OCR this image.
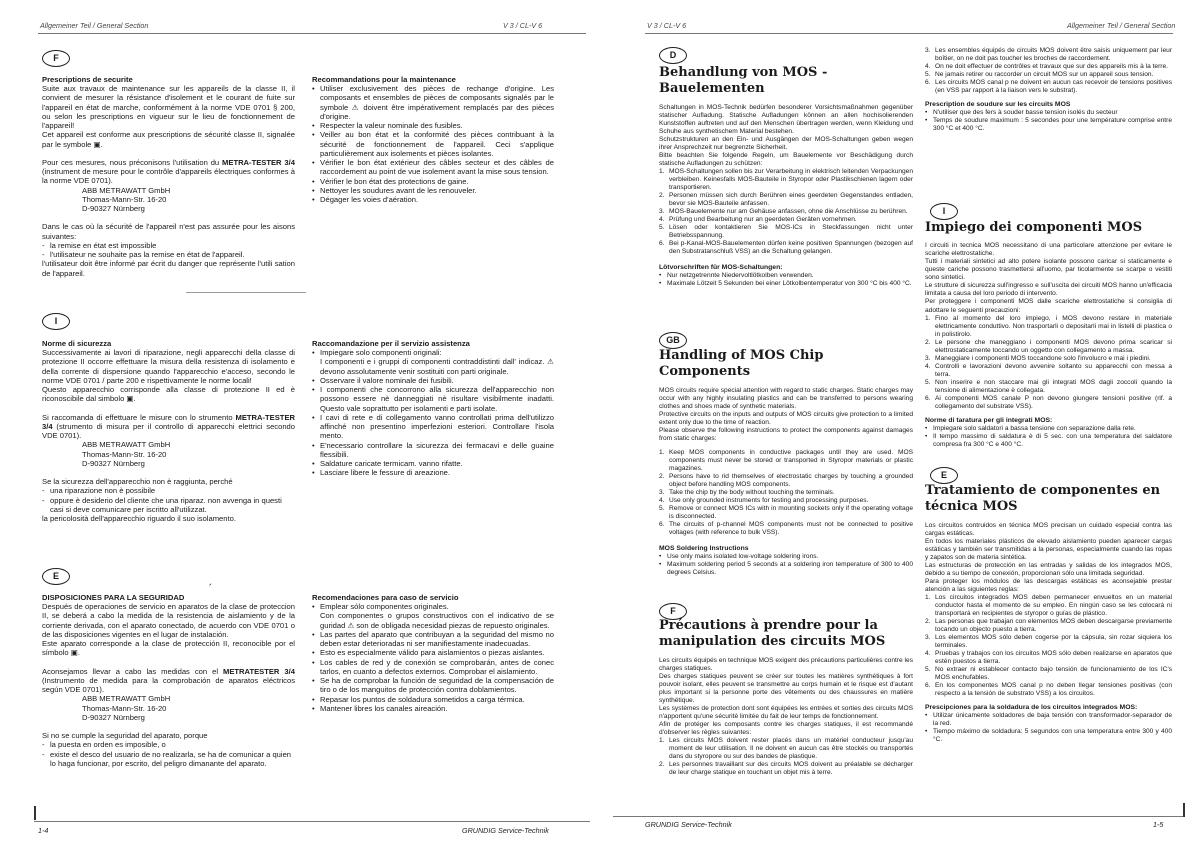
Allgemeiner Teil / General Section	V 3 / CL-V 6
F
Prescriptions de securite
Suite aux travaux de maintenance sur les appareils de la classe II, il convient de mesurer la résistance d'isolement et le courant de fuite sur l'appareil en état de marche, conformément à la norme VDE 0701 § 200, ou selon les prescriptions en vigueur sur le lieu de fonctionnement de l'appareil!
Cet appareil est conforme aux prescriptions de sécurité classe II, signalée par le symbole ▣.
Pour ces mesures, nous préconisons l'utilisation du METRA-TESTER 3/4 (instrument de mesure pour le contrôle d'appareils électriques conformes à la norme VDE 0701).
ABB METRAWATT GmbH
Thomas-Mann-Str. 16-20
D-90327 Nürnberg
Dans le cas où la sécurité de l'appareil n'est pas assurée pour les aisons suivantes:
- la remise en état est impossible
- l'utilisateur ne souhaite pas la remise en état de l'appareil.
l'utilisateur doit être informé par écrit du danger que représente l'utili sation de l'appareil.
Recommandations pour la maintenance
• Utiliser exclusivement des pièces de rechange d'origine. Les composants et ensembles de pièces de composants signalés par le symbole ⚠ doivent être impérativement remplacés par des pièces d'origine.
• Respecter la valeur nominale des fusibles.
• Veiller au bon état et la conformité des pièces contribuant à la sécurité de fonctionnement de l'appareil. Ceci s'applique particulièrement aux isolements et pièces isolantes.
• Vérifier le bon état extérieur des câbles secteur et des câbles de raccordement au point de vue isolement avant la mise sous tension.
• Vérifier le bon état des protections de gaine.
• Nettoyer les soudures avant de les renouveler.
• Dégager les voies d'aération.
I
Norme di sicurezza
Successivamente ai lavori di riparazione, negli apparecchi della classe di protezione II occorre effettuare la misura della resistenza di isolamento e della corrente di dispersione quando l'apparecchio e'acceso, secondo le norme VDE 0701 / parte 200 e rispettivamente le norme locali!
Questo apparecchio corrisponde alla classe di protezione II ed è riconoscibile dal simbolo ▣.
Si raccomanda di effettuare le misure con lo strumento METRA-TESTER 3/4 (strumento di misura per il controllo di apparecchi elettrici secondo VDE 0701).
ABB METRAWATT GmbH
Thomas-Mann-Str. 16-20
D-90327 Nürnberg
Se la sicurezza dell'apparecchio non è raggiunta, perché
- una riparazione non è possibile
- oppure è desiderio del cliente che una riparaz. non avvenga in questi casi si deve comunicare per iscritto all'utilizzat.
la pericolosità dell'apparecchio riguardo il suo isolamento.
Raccomandazione per il servizio assistenza
• Impiegare solo componenti originali:
I componenti e i gruppi di componenti contraddistinti dall' indicaz. ⚠ devono assolutamente venir sostituiti con parti originale.
• Osservare il valore nominale dei fusibili.
• I componenti che concorrono alla sicurezza dell'apparecchio non possono essere nè danneggiati nè risultare visibilmente inadatti. Questo vale soprattutto per isolamenti e parti isolate.
• I cavi di rete e di collegamento vanno controllati prima dell'utilizzo affinché non presentino imperfezioni esteriori. Controllare l'isola mento.
• E'necessario controllare la sicurezza dei fermacavi e delle guaine flessibili.
• Saldature caricate termicam. vanno rifatte.
• Lasciare libere le fessure di areazione.
E	ˏ
DISPOSICIONES PARA LA SEGURIDAD
Después de operaciones de servicio en aparatos de la clase de proteccion II, se deberá a cabo la medida de la resistencia de aislamiento y de la corriente derivada, con el aparato conectado, de acuerdo con VDE 0701 o de las disposiciones vigentes en el lugar de instalación.
Este aparato corresponde a la clase de protección II, reconocible por el símbolo ▣.
Aconsejamos llevar a cabo las medidas con el METRATESTER 3/4 (Instrumento de medida para la comprobación de aparatos eléctricos según VDE 0701).
ABB METRAWATT GmbH
Thomas-Mann-Str. 16-20
D-90327 Nürnberg
Si no se cumple la seguridad del aparato, porque
- la puesta en orden es imposible, o
- existe el desco del usuario de no realizarla, se ha de comunicar a quien lo haga funcionar, por escrito, del peligro dimanante del aparato.
Recomendaciones para caso de servicio
• Emplear sólo componentes originales.
Con componentes o grupos constructivos con el indicativo de se guridad ⚠ son de obligada necesidad piezas de repuesto originales.
• Las partes del aparato que contribuyan a la seguridad del mismo no deben estar deterioradas ni ser manifiestamente inadecuadas.
• Esto es especialmente válido para aislamientos o piezas aislantes.
• Los cables de red y de conexión se comprobarán, antes de conec tarlos, en cuanto a defectos externos. Comprobar el aislamiento.
• Se ha de comprobar la función de seguridad de la compensación de tiro o de los manguitos de protección contra doblamientos.
• Repasar los puntos de soldadura sometidos a carga térmica.
• Mantener libres los canales aireación.
1-4	GRUNDIG Service-Technik
V 3 / CL-V 6	Allgemeiner Teil / General Section
D
Behandlung von MOS - Bauelementen
Schaltungen in MOS-Technik bedürfen besonderer Vorsichtsmaßnahmen gegenüber statischer Aufladung. Statische Aufladungen können an allen hochisolierenden Kunststoffen auftreten und auf den Menschen übertragen werden, wenn Kleidung und Schuhe aus synthetischem Material bestehen.
Schutzstrukturen an den Ein- und Ausgängen der MOS-Schaltungen geben wegen ihrer Ansprechzeit nur begrenzte Sicherheit.
Bitte beachten Sie folgende Regeln, um Bauelemente vor Beschädigung durch statische Aufladungen zu schützen:
1. MOS-Schaltungen sollen bis zur Verarbeitung in elektrisch leitenden Verpackungen verbleiben. Keinesfalls MOS-Bauteile in Styropor oder Plastikschienen lagern oder transportieren.
2. Personen müssen sich durch Berühren eines geerdeten Gegenstandes entladen, bevor sie MOS-Bauteile anfassen.
3. MOS-Bauelemente nur am Gehäuse anfassen, ohne die Anschlüsse zu berühren.
4. Prüfung und Bearbeitung nur an geerdeten Geräten vornehmen.
5. Lösen oder kontaktieren Sie MOS-ICs in Steckfassungen nicht unter Betriebsspannung.
6. Bei p-Kanal-MOS-Bauelementen dürfen keine positiven Spannungen (bezogen auf den Substratanschluß VSS) an die Schaltung gelangen.
Lötvorschriften für MOS-Schaltungen:
• Nur netzgetrennte Niedervoltlötkolben verwenden.
• Maximale Lötzeit 5 Sekunden bei einer Lötkolbentemperatur von 300 °C bis 400 °C.
GB
Handling of MOS Chip Components
MOS circuits require special attention with regard to static charges. Static charges may occur with any highly insulating plastics and can be transferred to persons wearing clothes and shoes made of synthetic materials.
Protective circuits on the inputs and outputs of MOS circuits give protection to a limited extent only due to the time of reaction.
Please observe the following instructions to protect the components against damages from static charges:
1. Keep MOS components in conductive packages until they are used. MOS components must never be stored or transported in Styropor materials or plastic magazines.
2. Persons have to rid themselves of electrostatic charges by touching a grounded object before handling MOS components.
3. Take the chip by the body without touching the terminals.
4. Use only grounded instruments for testing and processing purposes.
5. Remove or connect MOS ICs with in mounting sockets only if the operating voltage is disconnected.
6. The circuits of p-channel MOS components must not be connected to positive voltages (with reference to bulk VSS).
MOS Soldering Instructions
• Use only mains isolated low-voltage soldering irons.
• Maximum soldering period 5 seconds at a soldering iron temperature of 300 to 400 degrees Celsius.
F
Précautions à prendre pour la manipulation des circuits MOS
Les circuits équipés en technique MOS exigent des précautions particulières contre les charges statiques.
Des charges statiques peuvent se créer sur toutes les matières synthétiques à fort pouvoir isolant, elles peuvent se transmettre au corps humain et le risque est d'autant plus important si la personne porte des vêtements ou des chaussures en matière synthétique.
Les systèmes de protection dont sont équipées les entrées et sorties des circuits MOS n'apportent qu'une sécurité limitée du fait de leur temps de fonctionnement.
Afin de protéger les composants contre les charges statiques, il est recommandé d'observer les règles suivantes:
1. Les circuits MOS doivent rester placés dans un matériel conducteur jusqu'au moment de leur utilisation. Il ne doivent en aucun cas être stockés ou transportés dans du styropore ou sur des bandes de plastique.
2. Les personnes travaillant sur des circuits MOS doivent au préalable se décharger de leur charge statique en touchant un objet mis à terre.
3. Les ensembles équipés de circuits MOS doivent être saisis uniquement par leur boîtier, on ne doit pas toucher les broches de raccordement.
4. On ne doit effectuer de contrôles et travaux que sur des appareils mis à la terre.
5. Ne jamais retirer ou raccorder un circuit MOS sur un appareil sous tension.
6. Les circuits MOS canal p ne doivent en aucun cas recevoir de tensions positives (en VSS par rapport à la liaison vers le substrat).
Prescription de soudure sur les circuits MOS
• N'utiliser que des fers à souder basse tension isolés du secteur
• Temps de soudure maximum : 5 secondes pour une température comprise entre 300 °C et 400 °C.
I
Impiego dei componenti MOS
I circuiti in tecnica MOS necessitano di una particolare attenzione per evitare le scariche elettrostatiche.
Tutti i materiali sintetici ad alto potere isolante possono caricar si staticamente e queste cariche possono trasmettersi all'uomo, par ticolarmente se scarpe o vestiti sono sintetici.
Le strutture di sicurezza sull'ingresso e sull'uscita dei circuiti MOS hanno un'efficacia limitata a causa del loro periodo di intervento.
Per proteggere i componenti MOS dalle scariche elettrostatiche si consiglia di adottare le seguenti precauzioni:
1. Fino al momento del loro impiego, i MOS devono restare in materiale elettricamente conduttivo. Non trasportarli o depositarli mai in listelli di plastica o in polistirolo.
2. Le persone che maneggiano i componenti MOS devono prima scaricar si elettrostaticamente toccando un oggetto con collegamento a massa.
3. Maneggiare i componenti MOS toccandone solo l'involucro e mai i piedini.
4. Controlli e lavorazioni devono avvenire soltanto su apparecchi con messa a terra.
5. Non inserire e non staccare mai gli integrati MOS dagli zoccoli quando la tensione di alimentazione è collegata.
6. Ai componenti MOS canale P non devono giungere tensioni positive (rif. a collegamento del substrate VSS).
Norme di taratura per gli integrati MOS:
• Impiegare solo saldatori a bassa tensione con separazione dalla rete.
• Il tempo massimo di saldatura è di 5 sec. con una temperatura del saldatore compresa fra 300 °C e 400 °C.
E
Tratamiento de componentes en técnica MOS
Los circuitos contruidos en técnica MOS precisan un cuidado especial contra las cargas estáticas.
En todos los materiales plásticos de elevado aislamiento pueden aparecer cargas estáticas y también ser transmitidas a la personas, especialmente cuando las ropas y zapatos son de materia sintética.
Las estructuras de protección en las entradas y salidas de los integrados MOS, debido a su tiempo de conexión, proporcionan sólo una limitada seguridad.
Para proteger los módulos de las descargas estáticas es aconsejable prestar atención a las siguientes reglas:
1. Los circuitos integrados MOS deben permanecer envueltos en un material conductor hasta el momento de su empleo. En ningún caso se les colocará ni transportará en recipientes de styropor o guías de plástico.
2. Las personas que trabajan con elementos MOS deben descargarse previamente tocando un objecto puesto a tierra.
3. Los elementos MOS sólo deben cogerse por la cápsula, sin rozar siquiera los terminales.
4. Pruebas y trabajos con los circuitos MOS sólo deben realizarse en aparatos que estén puestos a tierra.
5. No extraer ni establecer contacto bajo tensión de funcionamiento de los IC's MOS enchufables.
6. En los componentes MOS canal p no deben llegar tensiones positivas (con respecto a la tensión de substrato VSS) a los circuitos.
Prescipciones para la soldadura de los circuitos integrados MOS:
• Utilizar únicamente soldadores de baja tensión con transformador-separador de la red.
• Tiempo máximo de soldadura: 5 segundos con una temperatura entre 300 y 400 °C.
GRUNDIG Service-Technik	1-5
